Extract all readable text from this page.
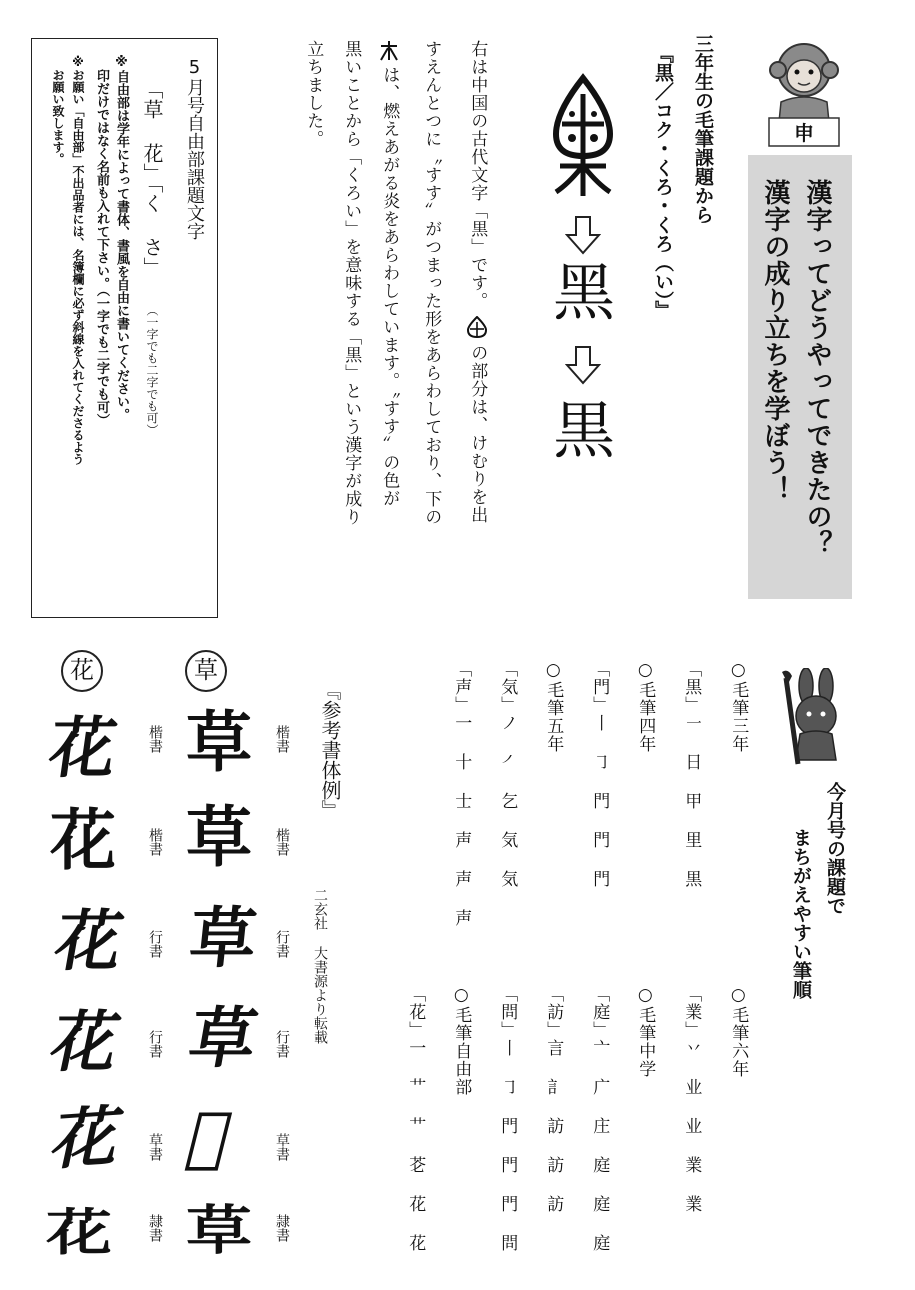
申
漢字ってどうやってできたの？
漢字の成り立ちを学ぼう！
三年生の毛筆課題から
『黒／コク・くろ・くろ（い）』
黑
黒
右は中国の古代文字「黒」です。の部分は、けむりを出
すえんとつに〝すす〟がつまった形をあらわしており、下の
は、燃えあがる炎をあらわしています。〝すす〟の色が
黒いことから「くろい」を意味する「黒」という漢字が成り
立ちました。
5月号自由部課題文字
「草 花」「く さ」
（一字でも二字でも可）
※自由部は学年によって書体、書風を自由に書いてください。
印だけではなく名前も入れて下さい。（一字でも二字でも可）
※お願い「自由部」不出品者には、名簿欄に必ず斜線を入れてくださるよう
お願い致します。
今月号の課題で
まちがえやすい筆順
○毛筆三年
「黒」㇐ 日 甲 里 黒
○毛筆四年
「門」丨 ㇆ 門 門 門
○毛筆五年
「気」ノ ㇒ 乞 気 気
「声」一 十 士 声 声 声
○毛筆六年
「業」丷 业 业 業 業
○毛筆中学
「庭」亠 广 庄 庭 庭 庭
「訪」言 訁 訪 訪 訪
「問」丨 ㇆ 門 門 門 問
○毛筆自由部
「花」一 艹 艹 芲 花 花
『参考書体例』
二玄社 大書源より転載
草
花
楷書
楷書
行書
行書
草書
隷書
楷書
楷書
行書
行書
草書
隷書
草
草
草
草
𦫵
草
花
花
花
花
花
花
